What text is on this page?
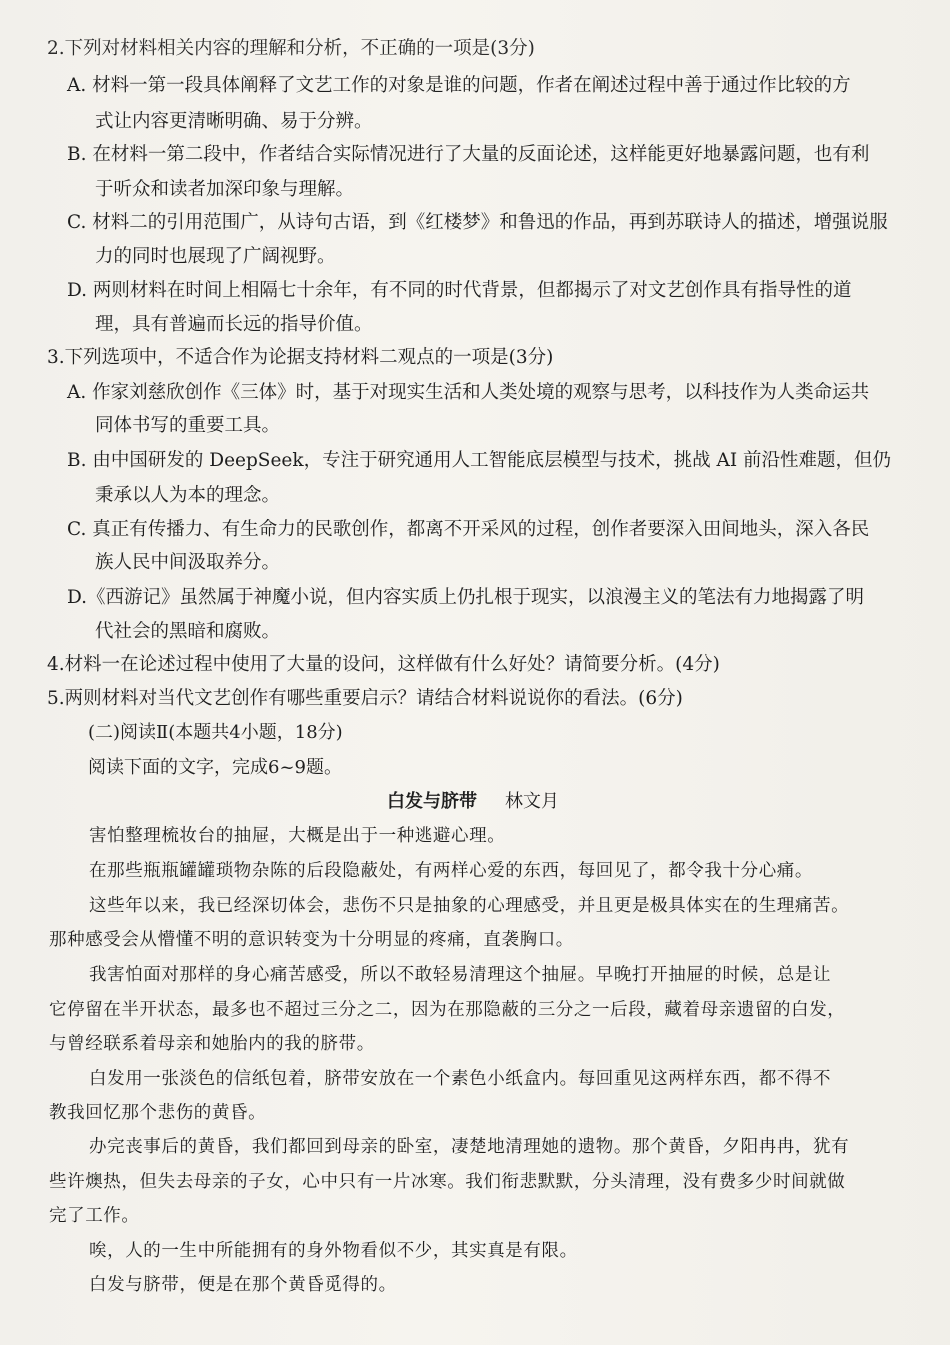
2.下列对材料相关内容的理解和分析，不正确的一项是(3分)
A. 材料一第一段具体阐释了文艺工作的对象是谁的问题，作者在阐述过程中善于通过作比较的方
式让内容更清晰明确、易于分辨。
B. 在材料一第二段中，作者结合实际情况进行了大量的反面论述，这样能更好地暴露问题，也有利
于听众和读者加深印象与理解。
C. 材料二的引用范围广，从诗句古语，到《红楼梦》和鲁迅的作品，再到苏联诗人的描述，增强说服
力的同时也展现了广阔视野。
D. 两则材料在时间上相隔七十余年，有不同的时代背景，但都揭示了对文艺创作具有指导性的道
理，具有普遍而长远的指导价值。
3.下列选项中，不适合作为论据支持材料二观点的一项是(3分)
A. 作家刘慈欣创作《三体》时，基于对现实生活和人类处境的观察与思考，以科技作为人类命运共
同体书写的重要工具。
B. 由中国研发的 DeepSeek，专注于研究通用人工智能底层模型与技术，挑战 AI 前沿性难题，但仍
秉承以人为本的理念。
C. 真正有传播力、有生命力的民歌创作，都离不开采风的过程，创作者要深入田间地头，深入各民
族人民中间汲取养分。
D.《西游记》虽然属于神魔小说，但内容实质上仍扎根于现实，以浪漫主义的笔法有力地揭露了明
代社会的黑暗和腐败。
4.材料一在论述过程中使用了大量的设问，这样做有什么好处？请简要分析。(4分)
5.两则材料对当代文艺创作有哪些重要启示？请结合材料说说你的看法。(6分)
(二)阅读Ⅱ(本题共4小题，18分)
阅读下面的文字，完成6~9题。
白发与脐带 林文月
害怕整理梳妆台的抽屉，大概是出于一种逃避心理。
在那些瓶瓶罐罐琐物杂陈的后段隐蔽处，有两样心爱的东西，每回见了，都令我十分心痛。
这些年以来，我已经深切体会，悲伤不只是抽象的心理感受，并且更是极具体实在的生理痛苦。
那种感受会从懵懂不明的意识转变为十分明显的疼痛，直袭胸口。
我害怕面对那样的身心痛苦感受，所以不敢轻易清理这个抽屉。早晚打开抽屉的时候，总是让
它停留在半开状态，最多也不超过三分之二，因为在那隐蔽的三分之一后段，藏着母亲遗留的白发，
与曾经联系着母亲和她胎内的我的脐带。
白发用一张淡色的信纸包着，脐带安放在一个素色小纸盒内。每回重见这两样东西，都不得不
教我回忆那个悲伤的黄昏。
办完丧事后的黄昏，我们都回到母亲的卧室，凄楚地清理她的遗物。那个黄昏，夕阳冉冉，犹有
些许燠热，但失去母亲的子女，心中只有一片冰寒。我们衔悲默默，分头清理，没有费多少时间就做
完了工作。
唉，人的一生中所能拥有的身外物看似不少，其实真是有限。
白发与脐带，便是在那个黄昏觅得的。
